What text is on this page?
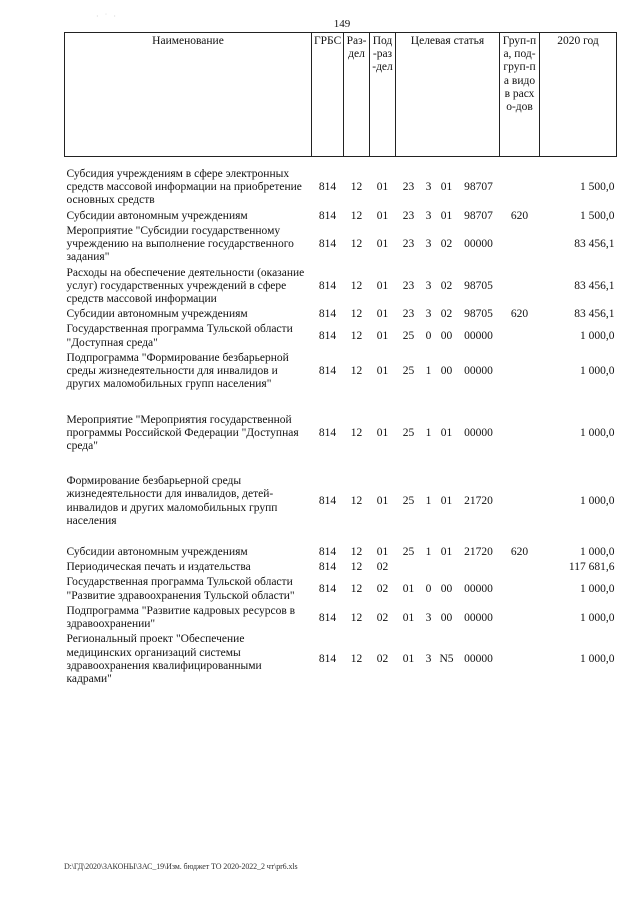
149
Наименование	ГРБС	Раз-дел	Под-раз-дел	Целевая статья				Груп-па, под-груп-па видов расхо-дов	2020 год

Субсидия учреждениям в сфере электронных средств массовой информации на приобретение основных средств	814	12	01	23	3	01	98707		1 500,0
Субсидии автономным учреждениям	814	12	01	23	3	01	98707	620	1 500,0
Мероприятие "Субсидии государственному учреждению на выполнение государственного задания"	814	12	01	23	3	02	00000		83 456,1
Расходы на обеспечение деятельности (оказание услуг) государственных учреждений в сфере средств массовой информации	814	12	01	23	3	02	98705		83 456,1
Субсидии автономным учреждениям	814	12	01	23	3	02	98705	620	83 456,1
Государственная программа Тульской области "Доступная среда"	814	12	01	25	0	00	00000		1 000,0
Подпрограмма "Формирование безбарьерной среды жизнедеятельности для инвалидов и других маломобильных групп населения"	814	12	01	25	1	00	00000		1 000,0

Мероприятие "Мероприятия государственной программы Российской Федерации "Доступная среда"	814	12	01	25	1	01	00000		1 000,0

Формирование безбарьерной среды жизнедеятельности для инвалидов, детей-инвалидов и других маломобильных групп населения	814	12	01	25	1	01	21720		1 000,0

Субсидии автономным учреждениям	814	12	01	25	1	01	21720	620	1 000,0
Периодическая печать и издательства	814	12	02						117 681,6
Государственная программа Тульской области "Развитие здравоохранения Тульской области"	814	12	02	01	0	00	00000		1 000,0
Подпрограмма "Развитие кадровых ресурсов в здравоохранении"	814	12	02	01	3	00	00000		1 000,0
Региональный проект "Обеспечение медицинских организаций системы здравоохранения квалифицированными кадрами"	814	12	02	01	3	N5	00000		1 000,0

· ˙ ·
D:\ГД\2020\ЗАКОНЫ\ЗАС_19\Изм. бюджет ТО 2020-2022_2 чт\pr6.xls
